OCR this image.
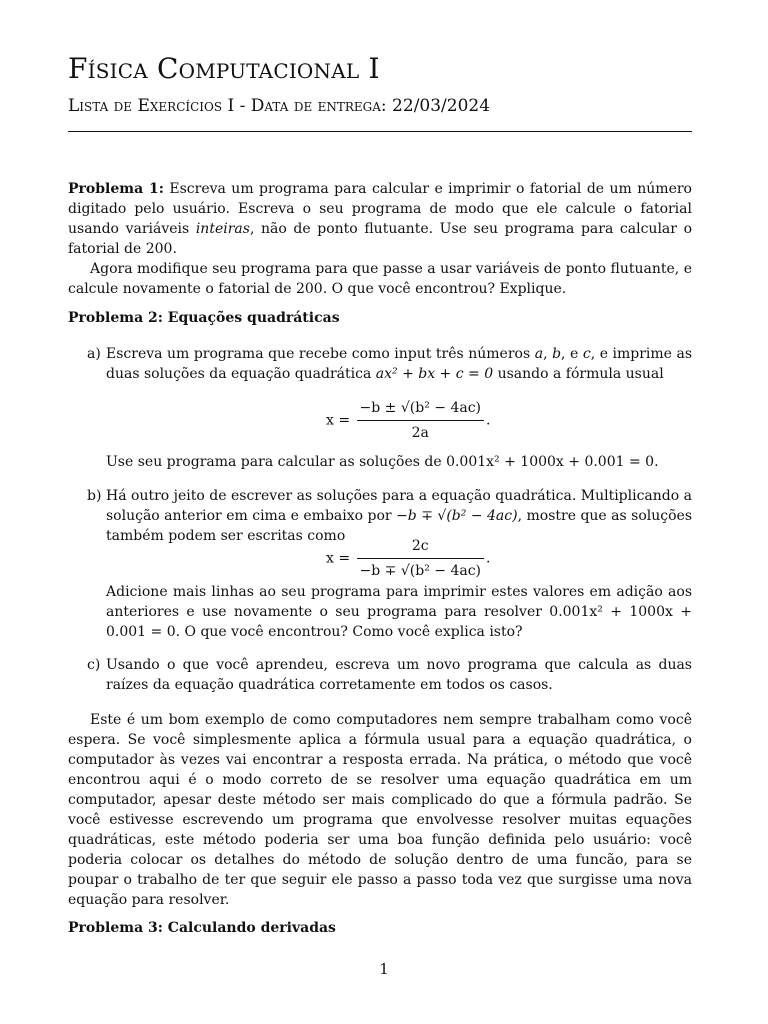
Física Computacional I
Lista de Exercícios I - Data de entrega: 22/03/2024
Problema 1: Escreva um programa para calcular e imprimir o fatorial de um número digitado pelo usuário. Escreva o seu programa de modo que ele calcule o fatorial usando variáveis inteiras, não de ponto flutuante. Use seu programa para calcular o fatorial de 200.
Agora modifique seu programa para que passe a usar variáveis de ponto flutuante, e calcule novamente o fatorial de 200. O que você encontrou? Explique.
Problema 2: Equações quadráticas
a) Escreva um programa que recebe como input três números a, b, e c, e imprime as duas soluções da equação quadrática ax² + bx + c = 0 usando a fórmula usual
$x = \frac{\text{−b ± √(b² − 4ac)}}{2a}$ .
Use seu programa para calcular as soluções de 0.001x² + 1000x + 0.001 = 0.
b) Há outro jeito de escrever as soluções para a equação quadrática. Multiplicando a solução anterior em cima e embaixo por −b ∓ √(b² − 4ac), mostre que as soluções também podem ser escritas como
$x = \frac{2c}{\text{−b ∓ √(b² − 4ac)}}$ .
Adicione mais linhas ao seu programa para imprimir estes valores em adição aos anteriores e use novamente o seu programa para resolver 0.001x² + 1000x + 0.001 = 0. O que você encontrou? Como você explica isto?
c) Usando o que você aprendeu, escreva um novo programa que calcula as duas raízes da equação quadrática corretamente em todos os casos.
Este é um bom exemplo de como computadores nem sempre trabalham como você espera. Se você simplesmente aplica a fórmula usual para a equação quadrática, o computador às vezes vai encontrar a resposta errada. Na prática, o método que você encontrou aqui é o modo correto de se resolver uma equação quadrática em um computador, apesar deste método ser mais complicado do que a fórmula padrão. Se você estivesse escrevendo um programa que envolvesse resolver muitas equações quadráticas, este método poderia ser uma boa função definida pelo usuário: você poderia colocar os detalhes do método de solução dentro de uma funcão, para se poupar o trabalho de ter que seguir ele passo a passo toda vez que surgisse uma nova equação para resolver.
Problema 3: Calculando derivadas
1
